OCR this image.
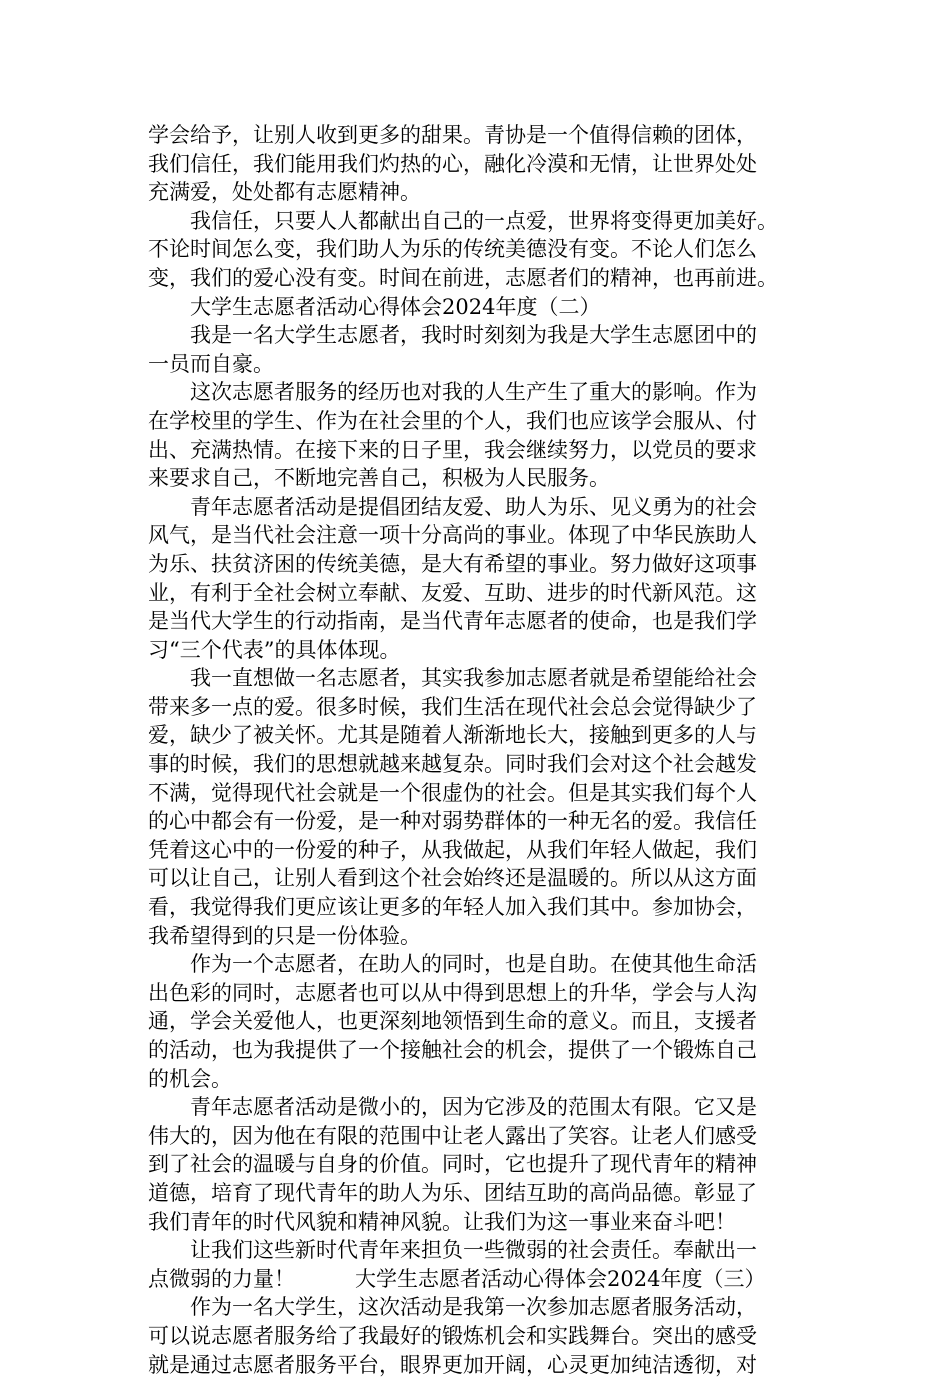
学会给予，让别人收到更多的甜果。青协是一个值得信赖的团体，
我们信任，我们能用我们灼热的心，融化冷漠和无情，让世界处处
充满爱，处处都有志愿精神。
我信任，只要人人都献出自己的一点爱，世界将变得更加美好。
不论时间怎么变，我们助人为乐的传统美德没有变。不论人们怎么
变，我们的爱心没有变。时间在前进，志愿者们的精神，也再前进。
大学生志愿者活动心得体会2024年度（二）
我是一名大学生志愿者，我时时刻刻为我是大学生志愿团中的
一员而自豪。
这次志愿者服务的经历也对我的人生产生了重大的影响。作为
在学校里的学生、作为在社会里的个人，我们也应该学会服从、付
出、充满热情。在接下来的日子里，我会继续努力，以党员的要求
来要求自己，不断地完善自己，积极为人民服务。
青年志愿者活动是提倡团结友爱、助人为乐、见义勇为的社会
风气，是当代社会注意一项十分高尚的事业。体现了中华民族助人
为乐、扶贫济困的传统美德，是大有希望的事业。努力做好这项事
业，有利于全社会树立奉献、友爱、互助、进步的时代新风范。这
是当代大学生的行动指南，是当代青年志愿者的使命，也是我们学
习“三个代表”的具体体现。
我一直想做一名志愿者，其实我参加志愿者就是希望能给社会
带来多一点的爱。很多时候，我们生活在现代社会总会觉得缺少了
爱，缺少了被关怀。尤其是随着人渐渐地长大，接触到更多的人与
事的时候，我们的思想就越来越复杂。同时我们会对这个社会越发
不满，觉得现代社会就是一个很虚伪的社会。但是其实我们每个人
的心中都会有一份爱，是一种对弱势群体的一种无名的爱。我信任
凭着这心中的一份爱的种子，从我做起，从我们年轻人做起，我们
可以让自己，让别人看到这个社会始终还是温暖的。所以从这方面
看，我觉得我们更应该让更多的年轻人加入我们其中。参加协会，
我希望得到的只是一份体验。
作为一个志愿者，在助人的同时，也是自助。在使其他生命活
出色彩的同时，志愿者也可以从中得到思想上的升华，学会与人沟
通，学会关爱他人，也更深刻地领悟到生命的意义。而且，支援者
的活动，也为我提供了一个接触社会的机会，提供了一个锻炼自己
的机会。
青年志愿者活动是微小的，因为它涉及的范围太有限。它又是
伟大的，因为他在有限的范围中让老人露出了笑容。让老人们感受
到了社会的温暖与自身的价值。同时，它也提升了现代青年的精神
道德，培育了现代青年的助人为乐、团结互助的高尚品德。彰显了
我们青年的时代风貌和精神风貌。让我们为这一事业来奋斗吧！
让我们这些新时代青年来担负一些微弱的社会责任。奉献出一
点微弱的力量！	大学生志愿者活动心得体会2024年度（三）
作为一名大学生，这次活动是我第一次参加志愿者服务活动，
可以说志愿者服务给了我最好的锻炼机会和实践舞台。突出的感受
就是通过志愿者服务平台，眼界更加开阔，心灵更加纯洁透彻，对
